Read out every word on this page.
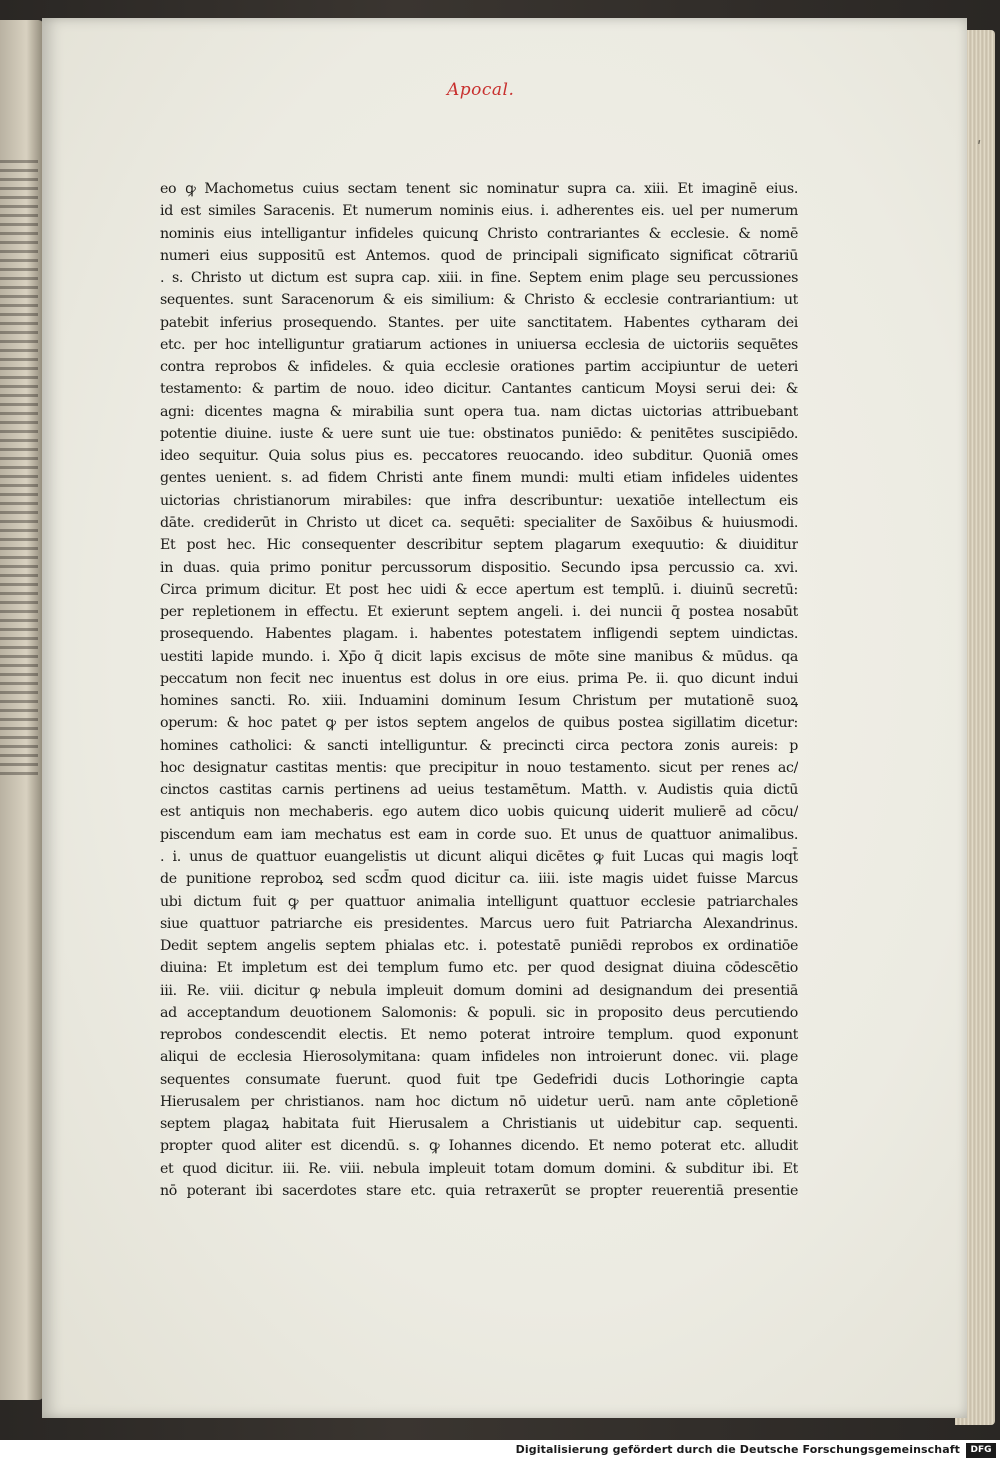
Apocal.
ʹ
eo ꝙ Machometus cuius sectam tenent sic nominatur supra ca. xiii. Et imaginē eius.
id est similes Saracenis. Et numerum nominis eius. i. adherentes eis. uel per numerum
nominis eius intelligantur infideles quicunq̧ Christo contrariantes & ecclesie. & nomē
numeri eius suppositū est Antemos. quod de principali significato significat cōtrariū
. s. Christo ut dictum est supra cap. xiii. in fine. Septem enim plage seu percussiones
sequentes. sunt Saracenorum & eis similium: & Christo & ecclesie contrariantium: ut
patebit inferius prosequendo. Stantes. per uite sanctitatem. Habentes cytharam dei
etc. per hoc intelliguntur gratiarum actiones in uniuersa ecclesia de uictoriis sequētes
contra reprobos & infideles. & quia ecclesie orationes partim accipiuntur de ueteri
testamento: & partim de nouo. ideo dicitur. Cantantes canticum Moysi serui dei: &
agni: dicentes magna & mirabilia sunt opera tua. nam dictas uictorias attribuebant
potentie diuine. iuste & uere sunt uie tue: obstinatos puniēdo: & penitētes suscipiēdo.
ideo sequitur. Quia solus pius es. peccatores reuocando. ideo subditur. Quoniā omes
gentes uenient. s. ad fidem Christi ante finem mundi: multi etiam infideles uidentes
uictorias christianorum mirabiles: que infra describuntur: uexatiōe intellectum eis
dāte. crediderūt in Christo ut dicet ca. sequēti: specialiter de Saxōibus & huiusmodi.
Et post hec. Hic consequenter describitur septem plagarum exequutio: & diuiditur
in duas. quia primo ponitur percussorum dispositio. Secundo ipsa percussio ca. xvi.
Circa primum dicitur. Et post hec uidi & ecce apertum est templū. i. diuinū secretū:
per repletionem in effectu. Et exierunt septem angeli. i. dei nuncii q̄ postea nosabūt
prosequendo. Habentes plagam. i. habentes potestatem infligendi septem uindictas.
uestiti lapide mundo. i. Xp̄o q̄ dicit lapis excisus de mōte sine manibus & mūdus. qa
peccatum non fecit nec inuentus est dolus in ore eius. prima Pe. ii. quo dicunt indui
homines sancti. Ro. xiii. Induamini dominum Iesum Christum per mutationē suoꝝ
operum: & hoc patet ꝙ per istos septem angelos de quibus postea sigillatim dicetur:
homines catholici: & sancti intelliguntur. & precincti circa pectora zonis aureis: p
hoc designatur castitas mentis: que precipitur in nouo testamento. sicut per renes ac/
cinctos castitas carnis pertinens ad ueius testamētum. Matth. v. Audistis quia dictū
est antiquis non mechaberis. ego autem dico uobis quicunq̧ uiderit mulierē ad cōcu/
piscendum eam iam mechatus est eam in corde suo. Et unus de quattuor animalibus.
. i. unus de quattuor euangelistis ut dicunt aliqui dicētes ꝙ fuit Lucas qui magis loqt̄
de punitione reproboꝝ sed scd̄m quod dicitur ca. iiii. iste magis uidet fuisse Marcus
ubi dictum fuit ꝙ per quattuor animalia intelligunt quattuor ecclesie patriarchales
siue quattuor patriarche eis presidentes. Marcus uero fuit Patriarcha Alexandrinus.
Dedit septem angelis septem phialas etc. i. potestatē puniēdi reprobos ex ordinatiōe
diuina: Et impletum est dei templum fumo etc. per quod designat diuina cōdescētio
iii. Re. viii. dicitur ꝙ nebula impleuit domum domini ad designandum dei presentiā
ad acceptandum deuotionem Salomonis: & populi. sic in proposito deus percutiendo
reprobos condescendit electis. Et nemo poterat introire templum. quod exponunt
aliqui de ecclesia Hierosolymitana: quam infideles non introierunt donec. vii. plage
sequentes consumate fuerunt. quod fuit tpe Gedefridi ducis Lothoringie capta
Hierusalem per christianos. nam hoc dictum nō uidetur uerū. nam ante cōpletionē
septem plagaꝝ habitata fuit Hierusalem a Christianis ut uidebitur cap. sequenti.
propter quod aliter est dicendū. s. ꝙ Iohannes dicendo. Et nemo poterat etc. alludit
et quod dicitur. iii. Re. viii. nebula impleuit totam domum domini. & subditur ibi. Et
nō poterant ibi sacerdotes stare etc. quia retraxerūt se propter reuerentiā presentie
Digitalisierung gefördert durch die Deutsche Forschungsgemeinschaft	DFG
